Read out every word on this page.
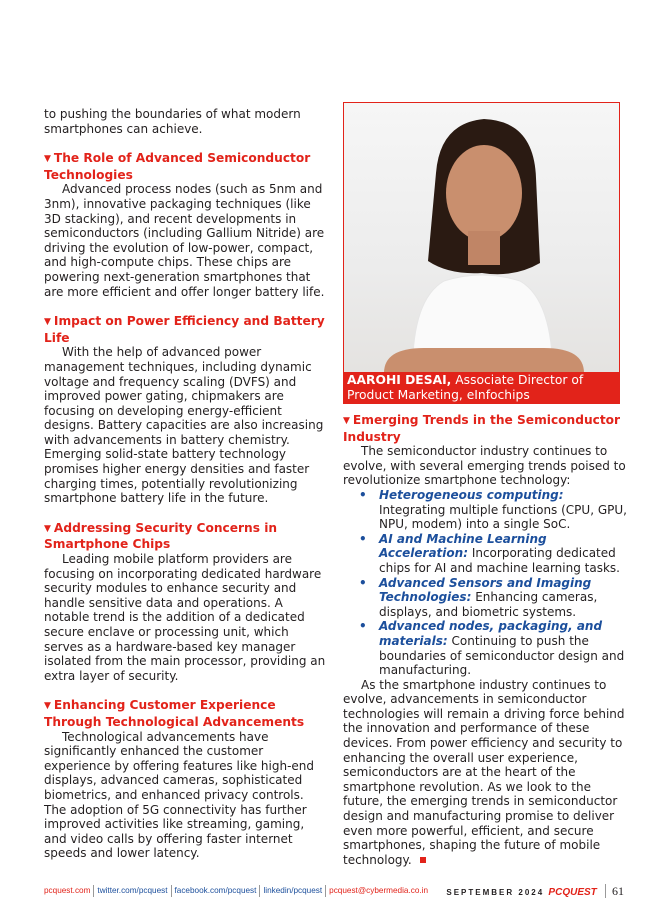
to pushing the boundaries of what modern smartphones can achieve.

▼ The Role of Advanced Semiconductor Technologies

Advanced process nodes (such as 5nm and 3nm), innovative packaging techniques (like 3D stacking), and recent developments in semiconductors (including Gallium Nitride) are driving the evolution of low-power, compact, and high-compute chips. These chips are powering next-generation smartphones that are more efficient and offer longer battery life.

▼ Impact on Power Efficiency and Battery Life

With the help of advanced power management techniques, including dynamic voltage and frequency scaling (DVFS) and improved power gating, chipmakers are focusing on developing energy-efficient designs. Battery capacities are also increasing with advancements in battery chemistry. Emerging solid-state battery technology promises higher energy densities and faster charging times, potentially revolutionizing smartphone battery life in the future.

▼ Addressing Security Concerns in Smartphone Chips

Leading mobile platform providers are focusing on incorporating dedicated hardware security modules to enhance security and handle sensitive data and operations. A notable trend is the addition of a dedicated secure enclave or processing unit, which serves as a hardware-based key manager isolated from the main processor, providing an extra layer of security.

▼ Enhancing Customer Experience Through Technological Advancements

Technological advancements have significantly enhanced the customer experience by offering features like high-end displays, advanced cameras, sophisticated biometrics, and enhanced privacy controls. The adoption of 5G connectivity has further improved activities like streaming, gaming, and video calls by offering faster internet speeds and lower latency.

AAROHI DESAI, Associate Director of Product Marketing, eInfochips
▼ Emerging Trends in the Semiconductor Industry

The semiconductor industry continues to evolve, with several emerging trends poised to revolutionize smartphone technology:

• Heterogeneous computing: Integrating multiple functions (CPU, GPU, NPU, modem) into a single SoC.
• AI and Machine Learning Acceleration: Incorporating dedicated chips for AI and machine learning tasks.
• Advanced Sensors and Imaging Technologies: Enhancing cameras, displays, and biometric systems.
• Advanced nodes, packaging, and materials: Continuing to push the boundaries of semiconductor design and manufacturing.

As the smartphone industry continues to evolve, advancements in semiconductor technologies will remain a driving force behind the innovation and performance of these devices. From power efficiency and security to enhancing the overall user experience, semiconductors are at the heart of the smartphone revolution. As we look to the future, the emerging trends in semiconductor design and manufacturing promise to deliver even more powerful, efficient, and secure smartphones, shaping the future of mobile technology.

pcquest.com twitter.com/pcquest facebook.com/pcquest linkedin/pcquest pcquest@cybermedia.co.in	SEPTEMBER 2024 PCQUEST 61
